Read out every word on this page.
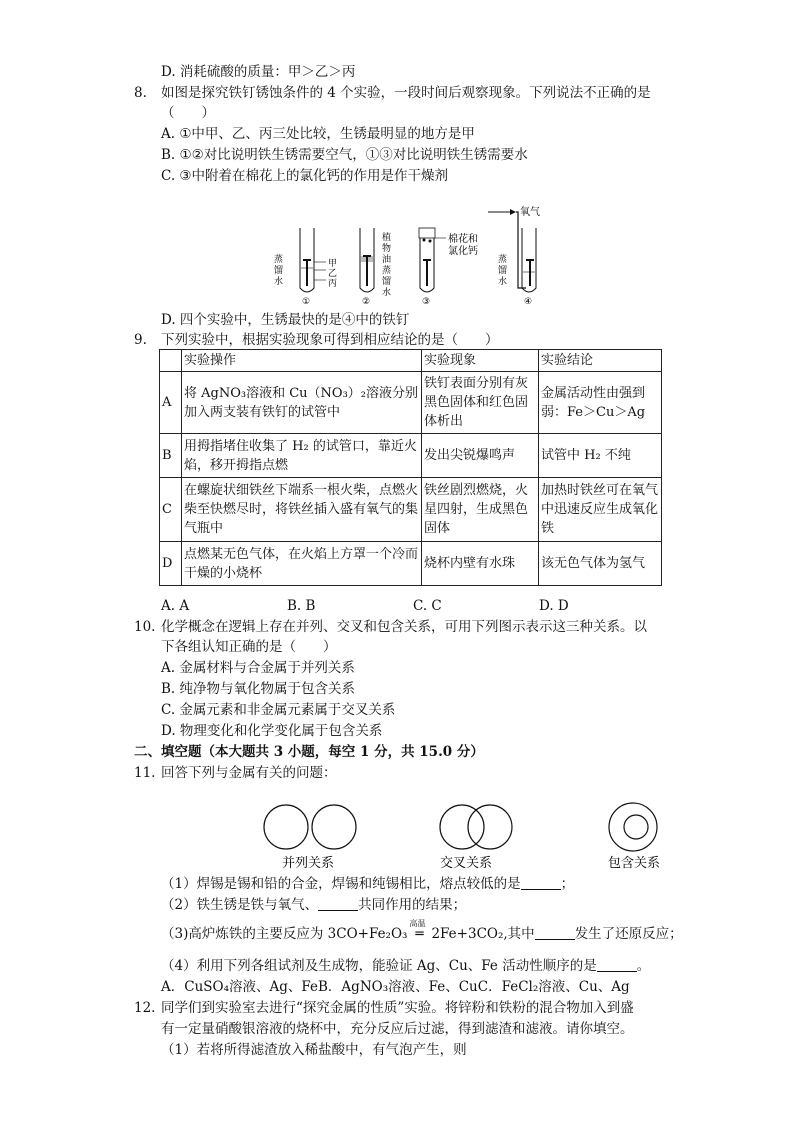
D. 消耗硫酸的质量：甲＞乙＞丙
8. 如图是探究铁钉锈蚀条件的 4 个实验，一段时间后观察现象。下列说法不正确的是
（　　）
A. ①中甲、乙、丙三处比较，生锈最明显的地方是甲
B. ①②对比说明铁生锈需要空气，①③对比说明铁生锈需要水
C. ③中附着在棉花上的氯化钙的作用是作干燥剂
氧气
蒸
馏
水
甲
乙
丙
①
植
物
油
蒸
馏
水
②
棉花和
氯化钙
③
蒸
馏
水
④
D. 四个实验中，生锈最快的是④中的铁钉
9. 下列实验中，根据实验现象可得到相应结论的是（　　）
	实验操作	实验现象	实验结论
A	将 AgNO₃溶液和 Cu（NO₃）₂溶液分别加入两支装有铁钉的试管中	铁钉表面分别有灰黑色固体和红色固体析出	金属活动性由强到弱：Fe＞Cu＞Ag
B	用拇指堵住收集了 H₂ 的试管口，靠近火焰，移开拇指点燃	发出尖锐爆鸣声	试管中 H₂ 不纯
C	在螺旋状细铁丝下端系一根火柴，点燃火柴至快燃尽时，将铁丝插入盛有氧气的集气瓶中	铁丝剧烈燃烧，火星四射，生成黑色固体	加热时铁丝可在氧气中迅速反应生成氧化铁
D	点燃某无色气体，在火焰上方罩一个冷而干燥的小烧杯	烧杯内壁有水珠	该无色气体为氢气
A. A	B. B	C. C	D. D
10. 化学概念在逻辑上存在并列、交叉和包含关系，可用下列图示表示这三种关系。以
下各组认知正确的是（　　）
A. 金属材料与合金属于并列关系
B. 纯净物与氧化物属于包含关系
C. 金属元素和非金属元素属于交叉关系
D. 物理变化和化学变化属于包含关系
二、填空题（本大题共 3 小题，每空 1 分，共 15.0 分）
11. 回答下列与金属有关的问题：
并列关系	交叉关系	包含关系
（1）焊锡是锡和铅的合金，焊锡和纯锡相比，熔点较低的是	；
（2）铁生锈是铁与氧气、	共同作用的结果；
（3)高炉炼铁的主要反应为 3CO+Fe₂O₃
高温
═ 2Fe+3CO₂,其中	发生了还原反应；
（4）利用下列各组试剂及生成物，能验证 Ag、Cu、Fe 活动性顺序的是	。
A．CuSO₄溶液、Ag、FeB．AgNO₃溶液、Fe、CuC．FeCl₂溶液、Cu、Ag
12. 同学们到实验室去进行“探究金属的性质”实验。将锌粉和铁粉的混合物加入到盛
有一定量硝酸银溶液的烧杯中，充分反应后过滤，得到滤渣和滤液。请你填空。
（1）若将所得滤渣放入稀盐酸中，有气泡产生，则
